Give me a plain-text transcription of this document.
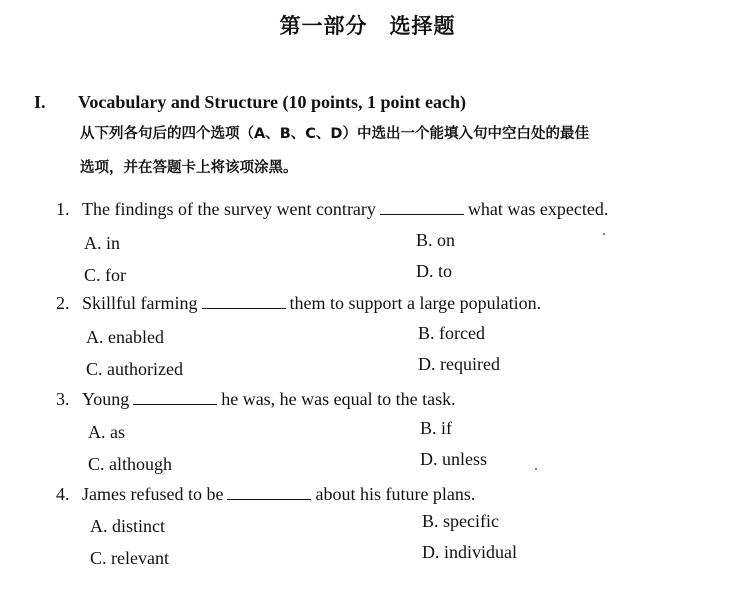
第一部分　选择题
I. Vocabulary and Structure (10 points, 1 point each)
从下列各句后的四个选项（A、B、C、D）中选出一个能填入句中空白处的最佳
选项，并在答题卡上将该项涂黑。
1. The findings of the survey went contrary	what was expected.
A. in	B. on
C. for	D. to
2. Skillful farming	them to support a large population.
A. enabled	B. forced
C. authorized	D. required
3. Young	he was, he was equal to the task.
A. as	B. if
C. although	D. unless
4. James refused to be	about his future plans.
A. distinct	B. specific
C. relevant	D. individual
